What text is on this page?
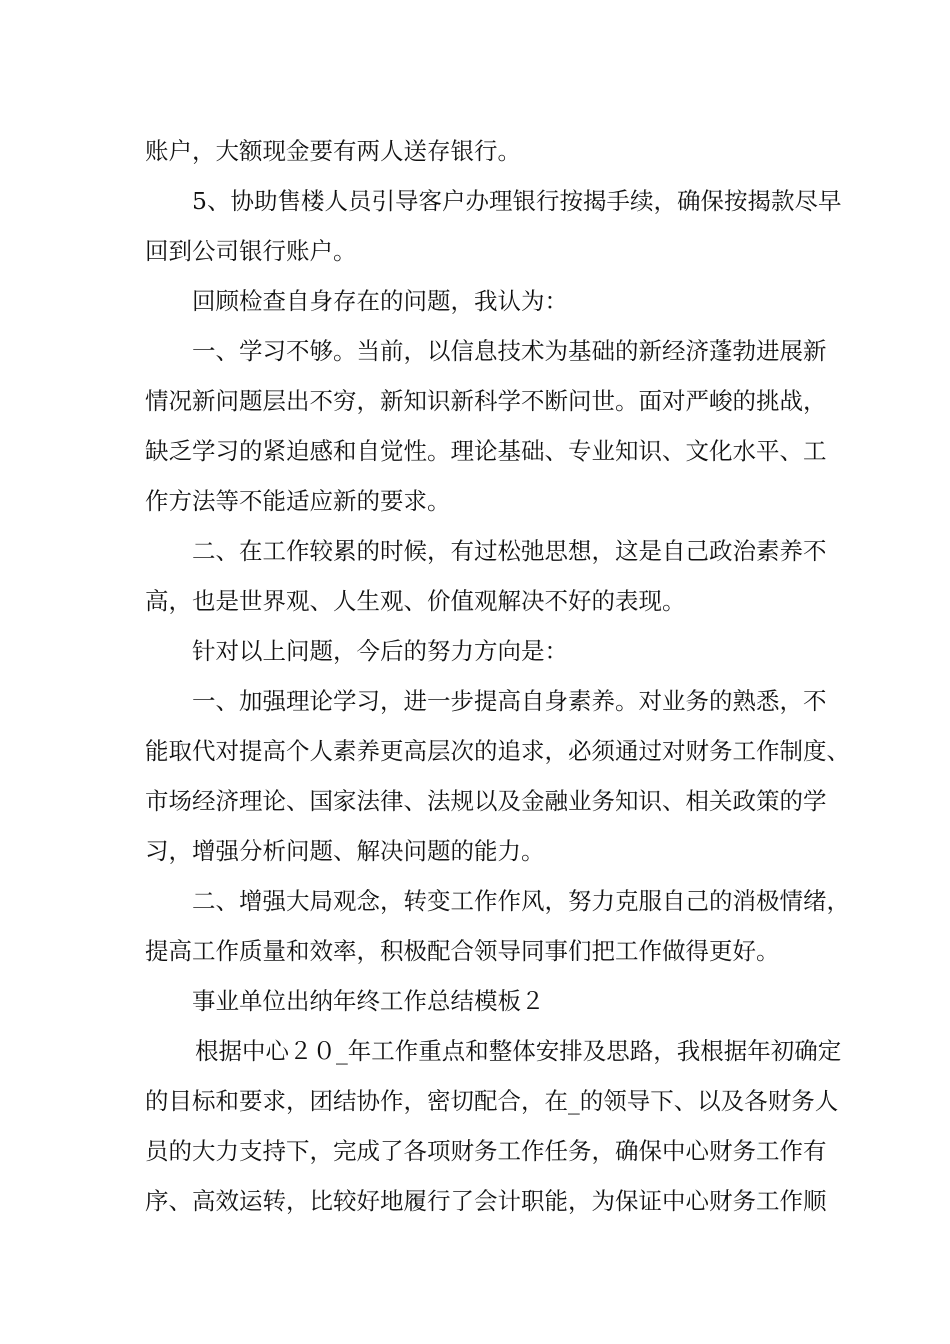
账户，大额现金要有两人送存银行。
5、协助售楼人员引导客户办理银行按揭手续，确保按揭款尽早
回到公司银行账户。
回顾检查自身存在的问题，我认为：
一、学习不够。当前，以信息技术为基础的新经济蓬勃进展新
情况新问题层出不穷，新知识新科学不断问世。面对严峻的挑战，
缺乏学习的紧迫感和自觉性。理论基础、专业知识、文化水平、工
作方法等不能适应新的要求。
二、在工作较累的时候，有过松弛思想，这是自己政治素养不
高，也是世界观、人生观、价值观解决不好的表现。
针对以上问题，今后的努力方向是：
一、加强理论学习，进一步提高自身素养。对业务的熟悉，不
能取代对提高个人素养更高层次的追求，必须通过对财务工作制度、
市场经济理论、国家法律、法规以及金融业务知识、相关政策的学
习，增强分析问题、解决问题的能力。
二、增强大局观念，转变工作作风，努力克服自己的消极情绪，
提高工作质量和效率，积极配合领导同事们把工作做得更好。
事业单位出纳年终工作总结模板２
根据中心２０_年工作重点和整体安排及思路，我根据年初确定
的目标和要求，团结协作，密切配合，在_的领导下、以及各财务人
员的大力支持下，完成了各项财务工作任务，确保中心财务工作有
序、高效运转，比较好地履行了会计职能，为保证中心财务工作顺
